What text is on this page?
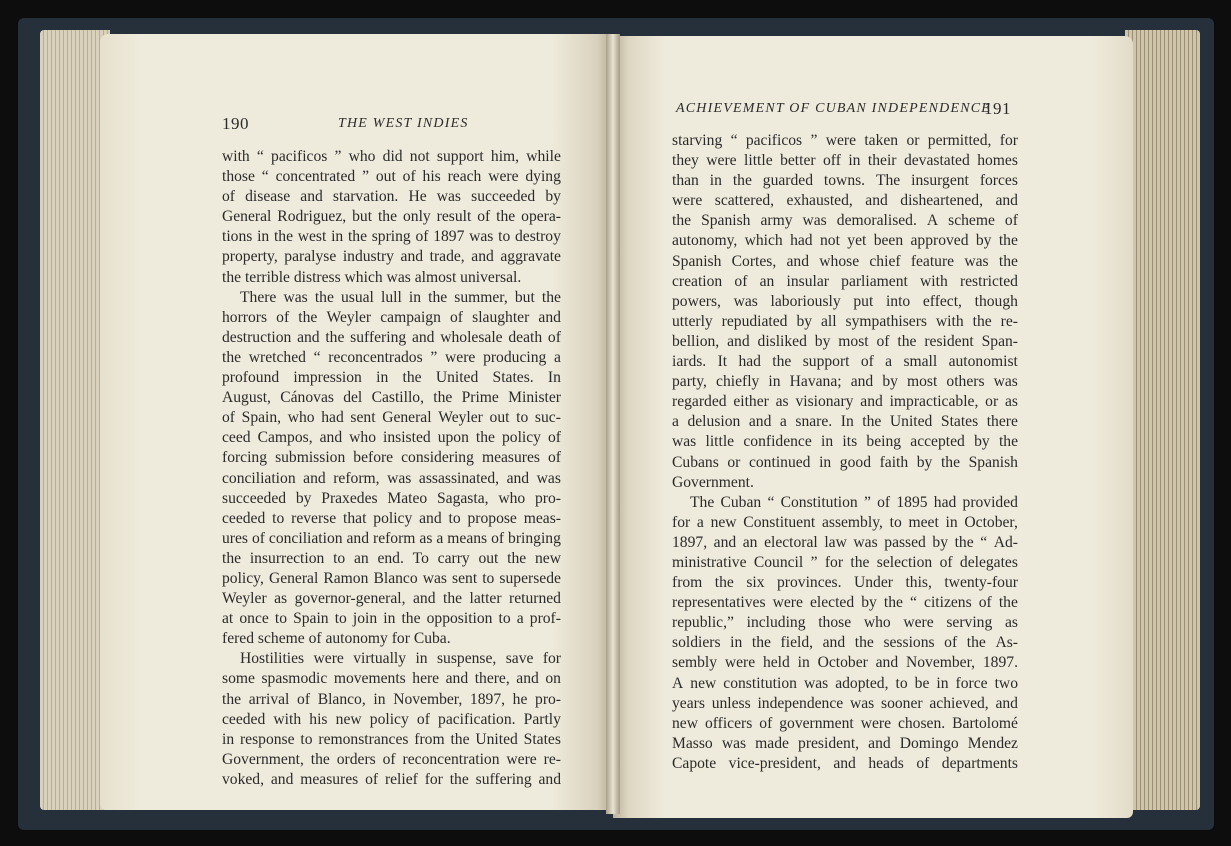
190	THE WEST INDIES
ACHIEVEMENT OF CUBAN INDEPENDENCE
191
with “ pacificos ” who did not support him, while
those “ concentrated ” out of his reach were dying
of disease and starvation. He was succeeded by
General Rodriguez, but the only result of the opera-
tions in the west in the spring of 1897 was to destroy
property, paralyse industry and trade, and aggravate
the terrible distress which was almost universal.
There was the usual lull in the summer, but the
horrors of the Weyler campaign of slaughter and
destruction and the suffering and wholesale death of
the wretched “ reconcentrados ” were producing a
profound impression in the United States. In
August, Cánovas del Castillo, the Prime Minister
of Spain, who had sent General Weyler out to suc-
ceed Campos, and who insisted upon the policy of
forcing submission before considering measures of
conciliation and reform, was assassinated, and was
succeeded by Praxedes Mateo Sagasta, who pro-
ceeded to reverse that policy and to propose meas-
ures of conciliation and reform as a means of bringing
the insurrection to an end. To carry out the new
policy, General Ramon Blanco was sent to supersede
Weyler as governor-general, and the latter returned
at once to Spain to join in the opposition to a prof-
fered scheme of autonomy for Cuba.
Hostilities were virtually in suspense, save for
some spasmodic movements here and there, and on
the arrival of Blanco, in November, 1897, he pro-
ceeded with his new policy of pacification. Partly
in response to remonstrances from the United States
Government, the orders of reconcentration were re-
voked, and measures of relief for the suffering and
starving “ pacificos ” were taken or permitted, for
they were little better off in their devastated homes
than in the guarded towns. The insurgent forces
were scattered, exhausted, and disheartened, and
the Spanish army was demoralised. A scheme of
autonomy, which had not yet been approved by the
Spanish Cortes, and whose chief feature was the
creation of an insular parliament with restricted
powers, was laboriously put into effect, though
utterly repudiated by all sympathisers with the re-
bellion, and disliked by most of the resident Span-
iards. It had the support of a small autonomist
party, chiefly in Havana; and by most others was
regarded either as visionary and impracticable, or as
a delusion and a snare. In the United States there
was little confidence in its being accepted by the
Cubans or continued in good faith by the Spanish
Government.
The Cuban “ Constitution ” of 1895 had provided
for a new Constituent assembly, to meet in October,
1897, and an electoral law was passed by the “ Ad-
ministrative Council ” for the selection of delegates
from the six provinces. Under this, twenty-four
representatives were elected by the “ citizens of the
republic,” including those who were serving as
soldiers in the field, and the sessions of the As-
sembly were held in October and November, 1897.
A new constitution was adopted, to be in force two
years unless independence was sooner achieved, and
new officers of government were chosen. Bartolomé
Masso was made president, and Domingo Mendez
Capote vice-president, and heads of departments
